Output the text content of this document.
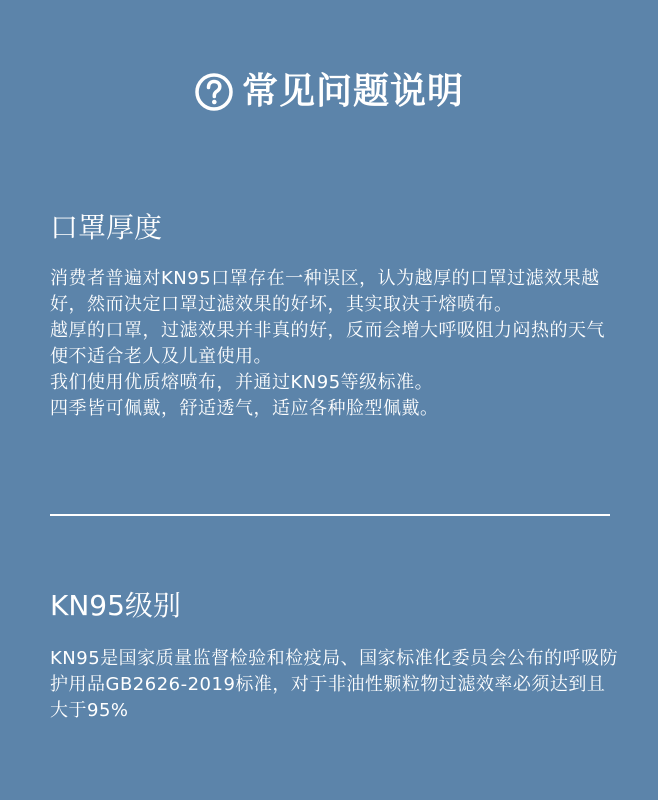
常见问题说明
口罩厚度

消费者普遍对KN95口罩存在一种误区，认为越厚的口罩过滤效果越好，然而决定口罩过滤效果的好坏，其实取决于熔喷布。

越厚的口罩，过滤效果并非真的好，反而会增大呼吸阻力闷热的天气便不适合老人及儿童使用。

我们使用优质熔喷布，并通过KN95等级标准。

四季皆可佩戴，舒适透气，适应各种脸型佩戴。

KN95级别

KN95是国家质量监督检验和检疫局、国家标准化委员会公布的呼吸防护用品GB2626-2019标准，对于非油性颗粒物过滤效率必须达到且大于95%
